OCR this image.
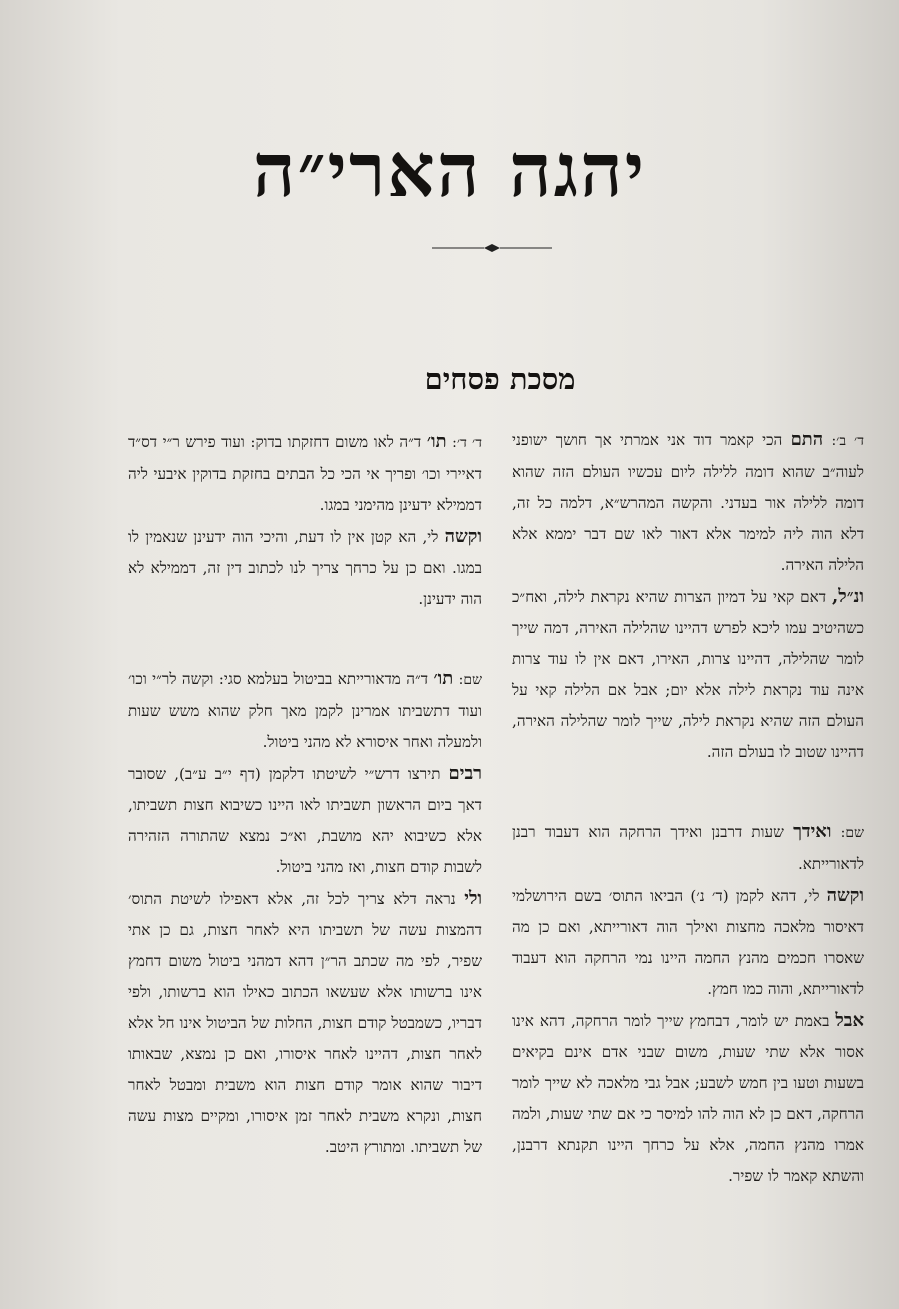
יהגה הארי״ה
מסכת פסחים

ד׳ ב׳: התם הכי קאמר דוד אני אמרתי אך חושך ישופני לעוה״ב שהוא דומה ללילה ליום עכשיו העולם הזה שהוא דומה ללילה אור בעדני. והקשה המהרש״א, דלמה כל זה, דלא הוה ליה למימר אלא דאור לאו שם דבר יממא אלא הלילה האירה.

ונ״ל, דאם קאי על דמיון הצרות שהיא נקראת לילה, ואח״כ כשהיטיב עמו ליכא לפרש דהיינו שהלילה האירה, דמה שייך לומר שהלילה, דהיינו צרות, האירו, דאם אין לו עוד צרות אינה עוד נקראת לילה אלא יום; אבל אם הלילה קאי על העולם הזה שהיא נקראת לילה, שייך לומר שהלילה האירה, דהיינו שטוב לו בעולם הזה.

שם: ואידך שעות דרבנן ואידך הרחקה הוא דעבוד רבנן לדאורייתא.

וקשה לי, דהא לקמן (ד׳ נ׳) הביאו התוס׳ בשם הירושלמי דאיסור מלאכה מחצות ואילך הוה דאורייתא, ואם כן מה שאסרו חכמים מהנץ החמה היינו נמי הרחקה הוא דעבוד לדאורייתא, והוה כמו חמץ.

אבל באמת יש לומר, דבחמץ שייך לומר הרחקה, דהא אינו אסור אלא שתי שעות, משום שבני אדם אינם בקיאים בשעות וטעו בין חמש לשבע; אבל גבי מלאכה לא שייך לומר הרחקה, דאם כן לא הוה להו למיסר כי אם שתי שעות, ולמה אמרו מהנץ החמה, אלא על כרחך היינו תקנתא דרבנן, והשתא קאמר לו שפיר.

ד׳ ד׳: תו׳ ד״ה לאו משום דחזקתו בדוק: ועוד פירש ר״י דס״ד דאיירי וכו׳ ופריך אי הכי כל הבתים בחזקת בדוקין איבעי ליה דממילא ידעינן מהימני במגו.

וקשה לי, הא קטן אין לו דעת, והיכי הוה ידעינן שנאמין לו במגו. ואם כן על כרחך צריך לנו לכתוב דין זה, דממילא לא הוה ידעינן.

שם: תו׳ ד״ה מדאורייתא בביטול בעלמא סגי: וקשה לר״י וכו׳ ועוד דתשביתו אמרינן לקמן מאך חלק שהוא משש שעות ולמעלה ואחר איסורא לא מהני ביטול.

רבים תירצו דרש״י לשיטתו דלקמן (דף י״ב ע״ב), שסובר דאך ביום הראשון תשביתו לאו היינו כשיבוא חצות תשביתו, אלא כשיבוא יהא מושבת, וא״כ נמצא שהתורה הזהירה לשבות קודם חצות, ואז מהני ביטול.

ולי נראה דלא צריך לכל זה, אלא דאפילו לשיטת התוס׳ דהמצות עשה של תשביתו היא לאחר חצות, גם כן אתי שפיר, לפי מה שכתב הר״ן דהא דמהני ביטול משום דחמץ אינו ברשותו אלא שעשאו הכתוב כאילו הוא ברשותו, ולפי דבריו, כשמבטל קודם חצות, החלות של הביטול אינו חל אלא לאחר חצות, דהיינו לאחר איסורו, ואם כן נמצא, שבאותו דיבור שהוא אומר קודם חצות הוא משבית ומבטל לאחר חצות, ונקרא משבית לאחר זמן איסורו, ומקיים מצות עשה של תשביתו. ומתורץ היטב.
